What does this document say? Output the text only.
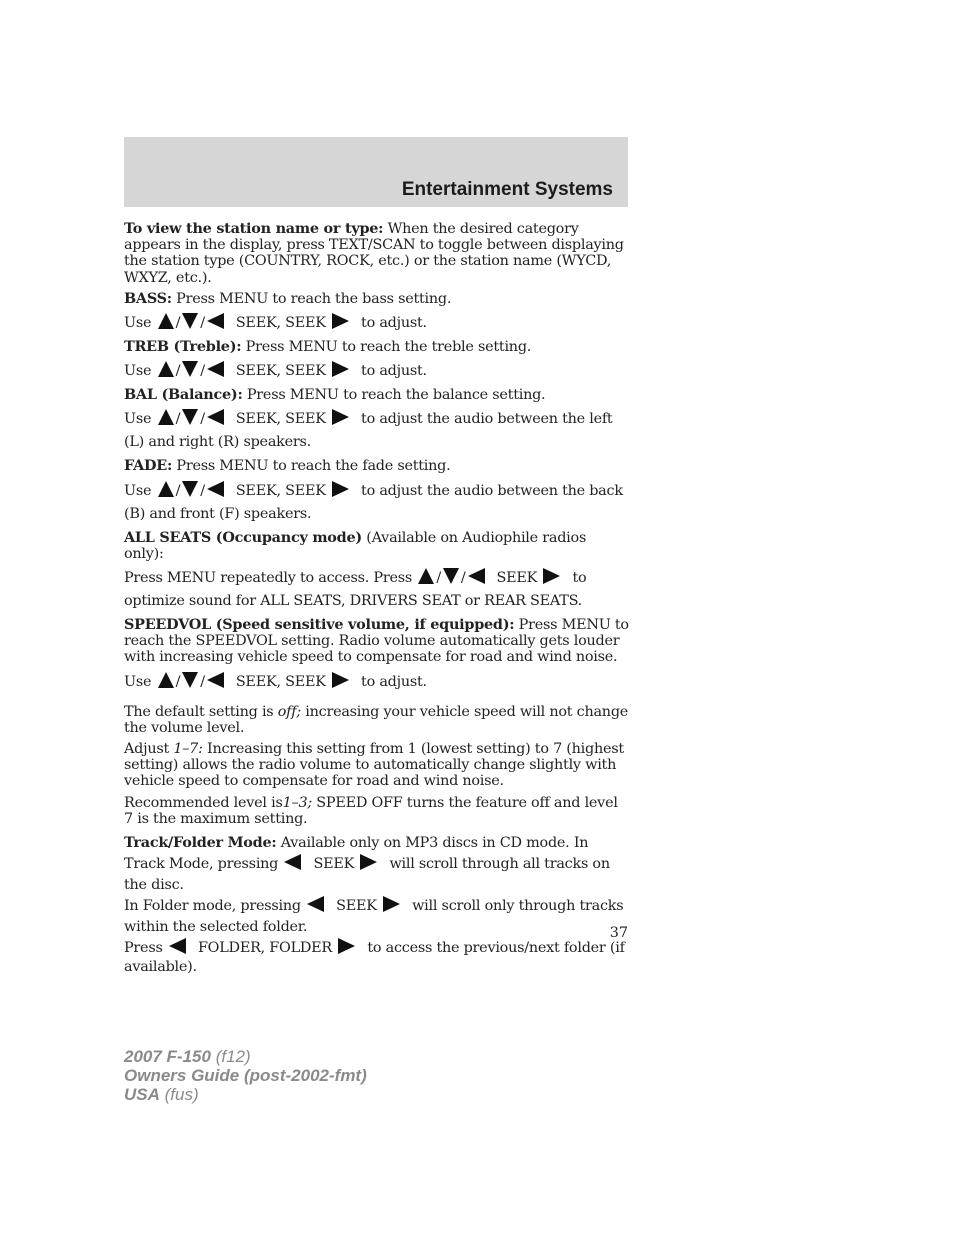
Entertainment Systems

To view the station name or type: When the desired category appears in the display, press TEXT/SCAN to toggle between displaying the station type (COUNTRY, ROCK, etc.) or the station name (WYCD, WXYZ, etc.).

BASS: Press MENU to reach the bass setting.

Use / / SEEK, SEEK to adjust.

TREB (Treble): Press MENU to reach the treble setting.

Use / / SEEK, SEEK to adjust.

BAL (Balance): Press MENU to reach the balance setting.

Use / / SEEK, SEEK to adjust the audio between the left (L) and right (R) speakers.

FADE: Press MENU to reach the fade setting.

Use / / SEEK, SEEK to adjust the audio between the back (B) and front (F) speakers.

ALL SEATS (Occupancy mode) (Available on Audiophile radios only):

Press MENU repeatedly to access. Press / / SEEK to optimize sound for ALL SEATS, DRIVERS SEAT or REAR SEATS.

SPEEDVOL (Speed sensitive volume, if equipped): Press MENU to reach the SPEEDVOL setting. Radio volume automatically gets louder with increasing vehicle speed to compensate for road and wind noise.

Use / / SEEK, SEEK to adjust.

The default setting is off; increasing your vehicle speed will not change the volume level.

Adjust 1–7: Increasing this setting from 1 (lowest setting) to 7 (highest setting) allows the radio volume to automatically change slightly with vehicle speed to compensate for road and wind noise.

Recommended level is1–3; SPEED OFF turns the feature off and level 7 is the maximum setting.

Track/Folder Mode: Available only on MP3 discs in CD mode. In Track Mode, pressing SEEK will scroll through all tracks on the disc.

In Folder mode, pressing SEEK will scroll only through tracks within the selected folder.

Press FOLDER, FOLDER to access the previous/next folder (if available).

37
2007 F-150 (f12)
Owners Guide (post-2002-fmt)
USA (fus)
